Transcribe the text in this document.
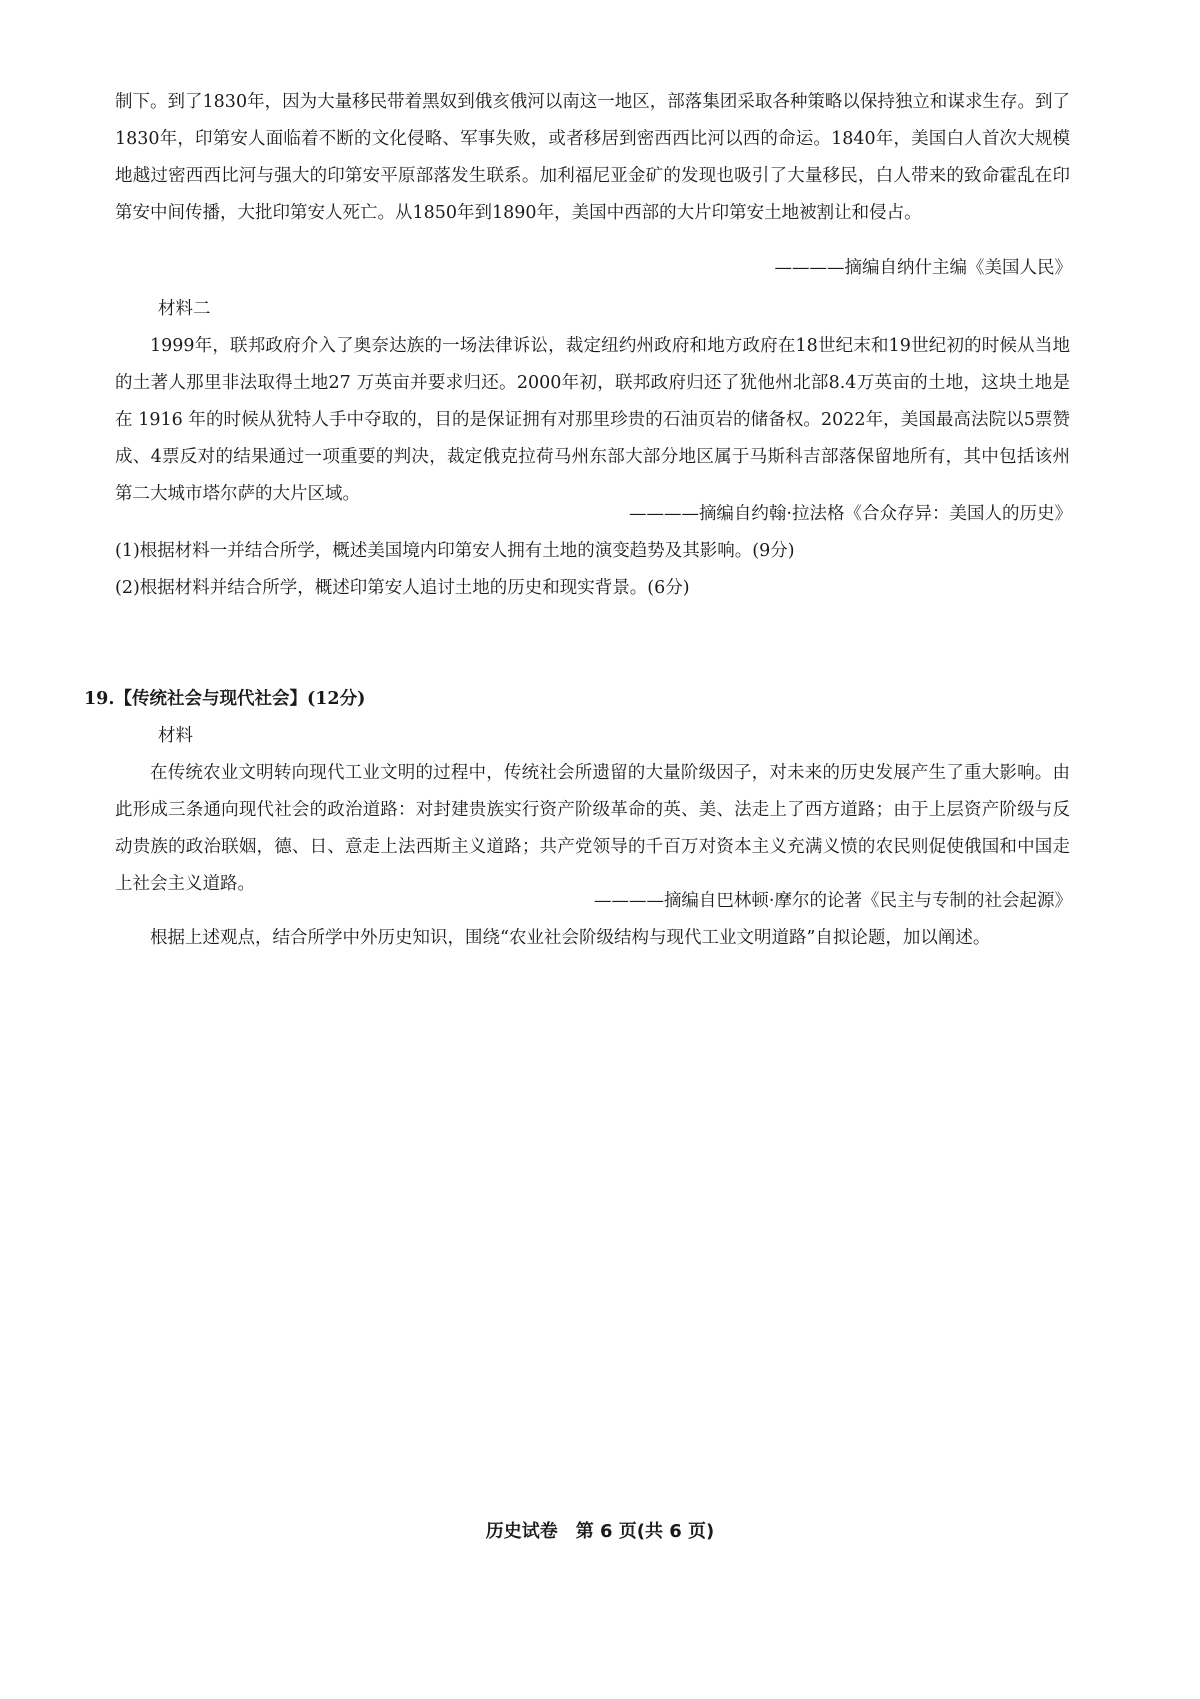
制下。到了1830年，因为大量移民带着黑奴到俄亥俄河以南这一地区，部落集团采取各种策略以保持独立和谋求生存。到了 1830年，印第安人面临着不断的文化侵略、军事失败，或者移居到密西西比河以西的命运。1840年，美国白人首次大规模地越过密西西比河与强大的印第安平原部落发生联系。加利福尼亚金矿的发现也吸引了大量移民，白人带来的致命霍乱在印第安中间传播，大批印第安人死亡。从1850年到1890年，美国中西部的大片印第安土地被割让和侵占。

————摘编自纳什主编《美国人民》

材料二

1999年，联邦政府介入了奥奈达族的一场法律诉讼，裁定纽约州政府和地方政府在18世纪末和19世纪初的时候从当地的土著人那里非法取得土地27 万英亩并要求归还。2000年初，联邦政府归还了犹他州北部8.4万英亩的土地，这块土地是在 1916 年的时候从犹特人手中夺取的，目的是保证拥有对那里珍贵的石油页岩的储备权。2022年，美国最高法院以5票赞成、4票反对的结果通过一项重要的判决，裁定俄克拉荷马州东部大部分地区属于马斯科吉部落保留地所有，其中包括该州第二大城市塔尔萨的大片区域。

————摘编自约翰·拉法格《合众存异：美国人的历史》

(1)根据材料一并结合所学，概述美国境内印第安人拥有土地的演变趋势及其影响。(9分)

(2)根据材料并结合所学，概述印第安人追讨土地的历史和现实背景。(6分)

19.【传统社会与现代社会】(12分)

材料

在传统农业文明转向现代工业文明的过程中，传统社会所遗留的大量阶级因子，对未来的历史发展产生了重大影响。由此形成三条通向现代社会的政治道路：对封建贵族实行资产阶级革命的英、美、法走上了西方道路；由于上层资产阶级与反动贵族的政治联姻，德、日、意走上法西斯主义道路；共产党领导的千百万对资本主义充满义愤的农民则促使俄国和中国走上社会主义道路。

————摘编自巴林顿·摩尔的论著《民主与专制的社会起源》

根据上述观点，结合所学中外历史知识，围绕“农业社会阶级结构与现代工业文明道路”自拟论题，加以阐述。

历史试卷　第 6 页(共 6 页)
